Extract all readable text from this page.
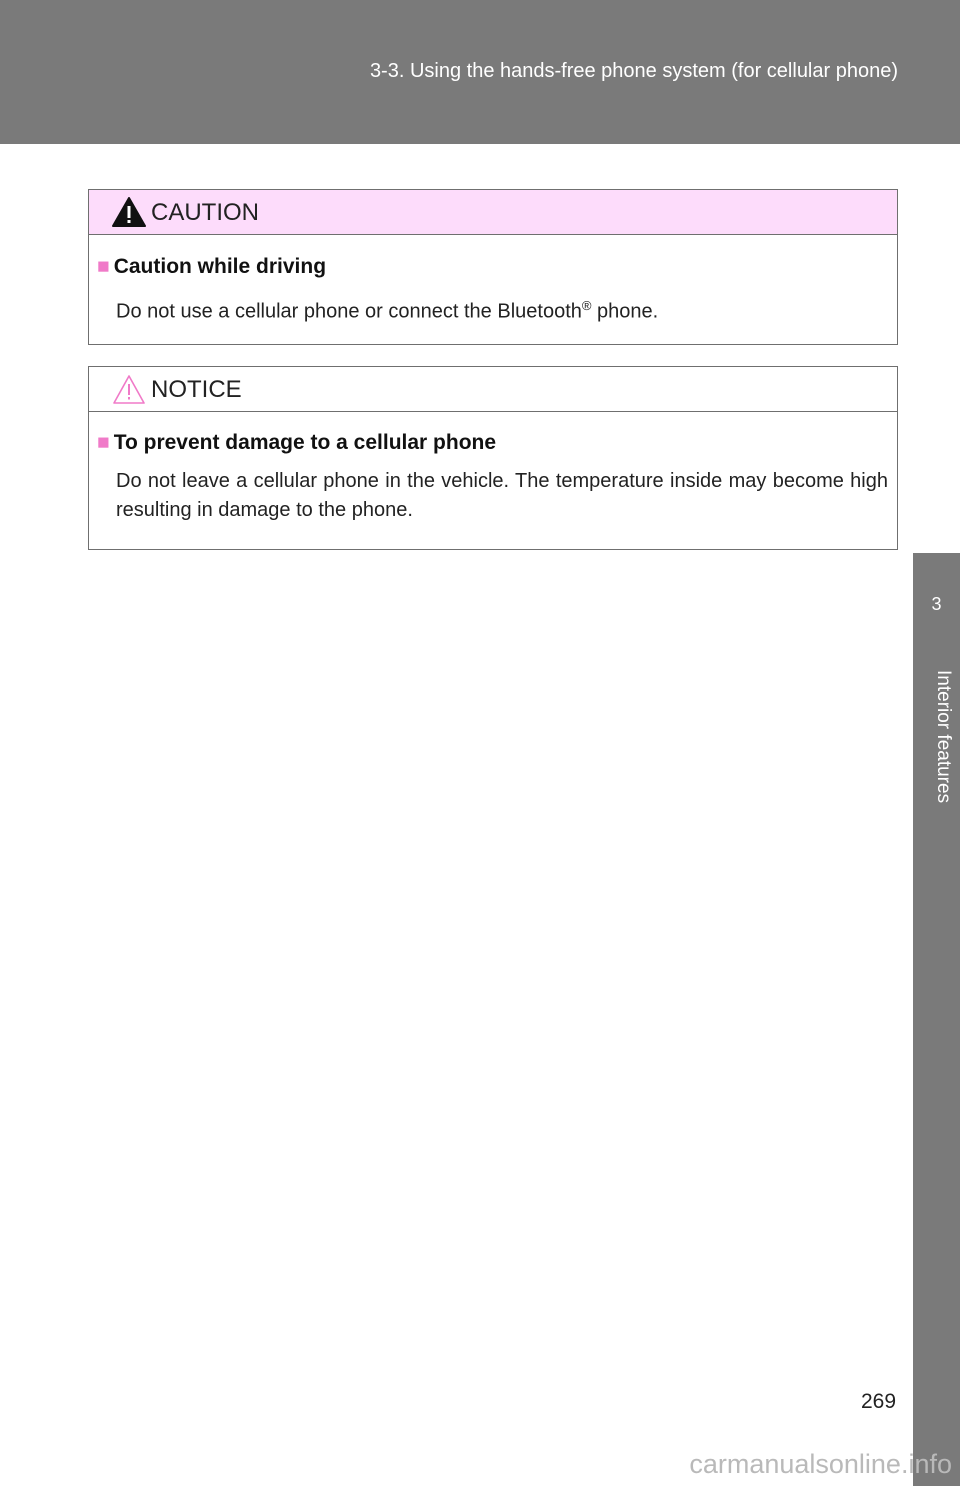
3-3. Using the hands-free phone system (for cellular phone)
3
Interior features
CAUTION
■ Caution while driving
Do not use a cellular phone or connect the Bluetooth® phone.
NOTICE
■ To prevent damage to a cellular phone
Do not leave a cellular phone in the vehicle. The temperature inside may become high resulting in damage to the phone.
269
carmanualsonline.info
